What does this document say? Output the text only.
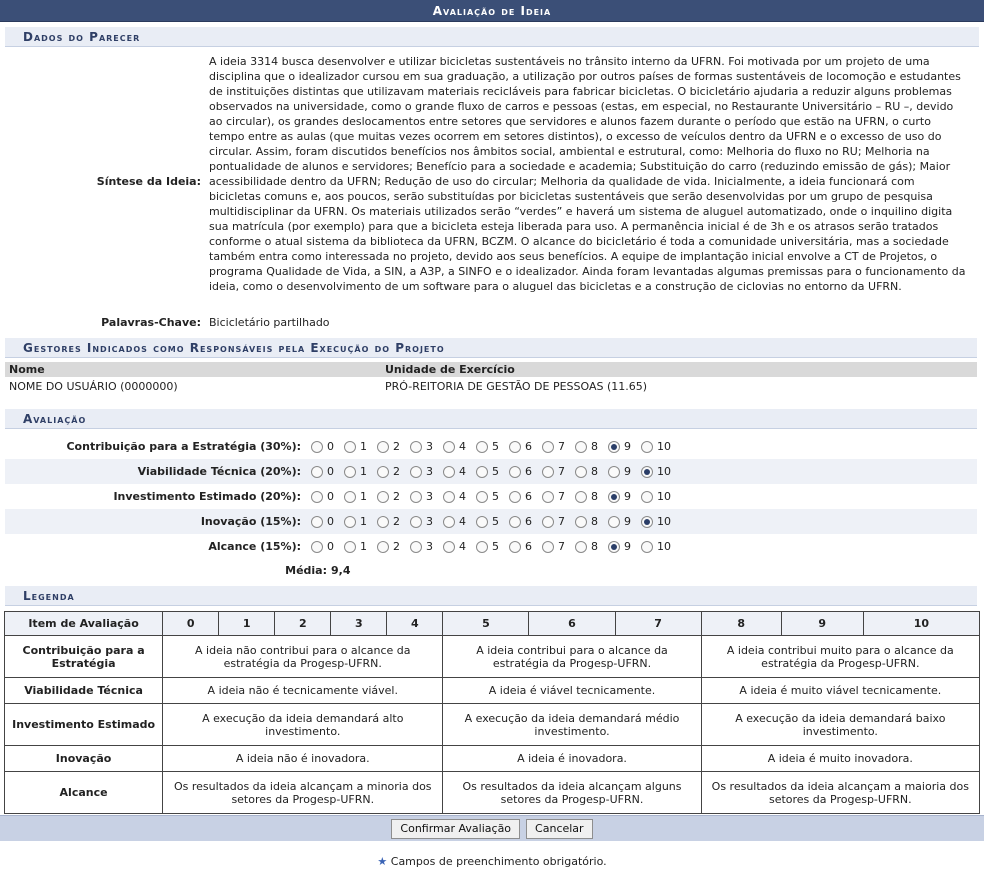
Avaliação de Ideia
Dados do Parecer
Síntese da Ideia:
A ideia 3314 busca desenvolver e utilizar bicicletas sustentáveis no trânsito interno da UFRN. Foi motivada por um projeto de uma disciplina que o idealizador cursou em sua graduação, a utilização por outros países de formas sustentáveis de locomoção e estudantes de instituições distintas que utilizavam materiais recicláveis para fabricar bicicletas. O bicicletário ajudaria a reduzir alguns problemas observados na universidade, como o grande fluxo de carros e pessoas (estas, em especial, no Restaurante Universitário – RU –, devido ao circular), os grandes deslocamentos entre setores que servidores e alunos fazem durante o período que estão na UFRN, o curto tempo entre as aulas (que muitas vezes ocorrem em setores distintos), o excesso de veículos dentro da UFRN e o excesso de uso do circular. Assim, foram discutidos benefícios nos âmbitos social, ambiental e estrutural, como: Melhoria do fluxo no RU; Melhoria na pontualidade de alunos e servidores; Benefício para a sociedade e academia; Substituição do carro (reduzindo emissão de gás); Maior acessibilidade dentro da UFRN; Redução de uso do circular; Melhoria da qualidade de vida. Inicialmente, a ideia funcionará com bicicletas comuns e, aos poucos, serão substituídas por bicicletas sustentáveis que serão desenvolvidas por um grupo de pesquisa multidisciplinar da UFRN. Os materiais utilizados serão “verdes” e haverá um sistema de aluguel automatizado, onde o inquilino digita sua matrícula (por exemplo) para que a bicicleta esteja liberada para uso. A permanência inicial é de 3h e os atrasos serão tratados conforme o atual sistema da biblioteca da UFRN, BCZM. O alcance do bicicletário é toda a comunidade universitária, mas a sociedade também entra como interessada no projeto, devido aos seus benefícios. A equipe de implantação inicial envolve a CT de Projetos, o programa Qualidade de Vida, a SIN, a A3P, a SINFO e o idealizador. Ainda foram levantadas algumas premissas para o funcionamento da ideia, como o desenvolvimento de um software para o aluguel das bicicletas e a construção de ciclovias no entorno da UFRN.
Palavras-Chave: Bicicletário partilhado
Gestores Indicados como Responsáveis pela Execução do Projeto
Nome	Unidade de Exercício
NOME DO USUÁRIO (0000000)	PRÓ-REITORIA DE GESTÃO DE PESSOAS (11.65)
Avaliação
Contribuição para a Estratégia (30%):	0 1 2 3 4 5 6 7 8 9 10
Viabilidade Técnica (20%):	0 1 2 3 4 5 6 7 8 9 10
Investimento Estimado (20%):	0 1 2 3 4 5 6 7 8 9 10
Inovação (15%):	0 1 2 3 4 5 6 7 8 9 10
Alcance (15%):	0 1 2 3 4 5 6 7 8 9 10
Média: 9,4
Legenda
Item de Avaliação	0	1	2	3	4	5	6	7	8	9	10
Contribuição para a Estratégia	A ideia não contribui para o alcance da estratégia da Progesp-UFRN.					A ideia contribui para o alcance da estratégia da Progesp-UFRN.			A ideia contribui muito para o alcance da estratégia da Progesp-UFRN.		
Viabilidade Técnica	A ideia não é tecnicamente viável.					A ideia é viável tecnicamente.			A ideia é muito viável tecnicamente.		
Investimento Estimado	A execução da ideia demandará alto investimento.					A execução da ideia demandará médio investimento.			A execução da ideia demandará baixo investimento.		
Inovação	A ideia não é inovadora.					A ideia é inovadora.			A ideia é muito inovadora.		
Alcance	Os resultados da ideia alcançam a minoria dos setores da Progesp-UFRN.					Os resultados da ideia alcançam alguns setores da Progesp-UFRN.			Os resultados da ideia alcançam a maioria dos setores da Progesp-UFRN.		
Confirmar Avaliação	Cancelar
★ Campos de preenchimento obrigatório.
